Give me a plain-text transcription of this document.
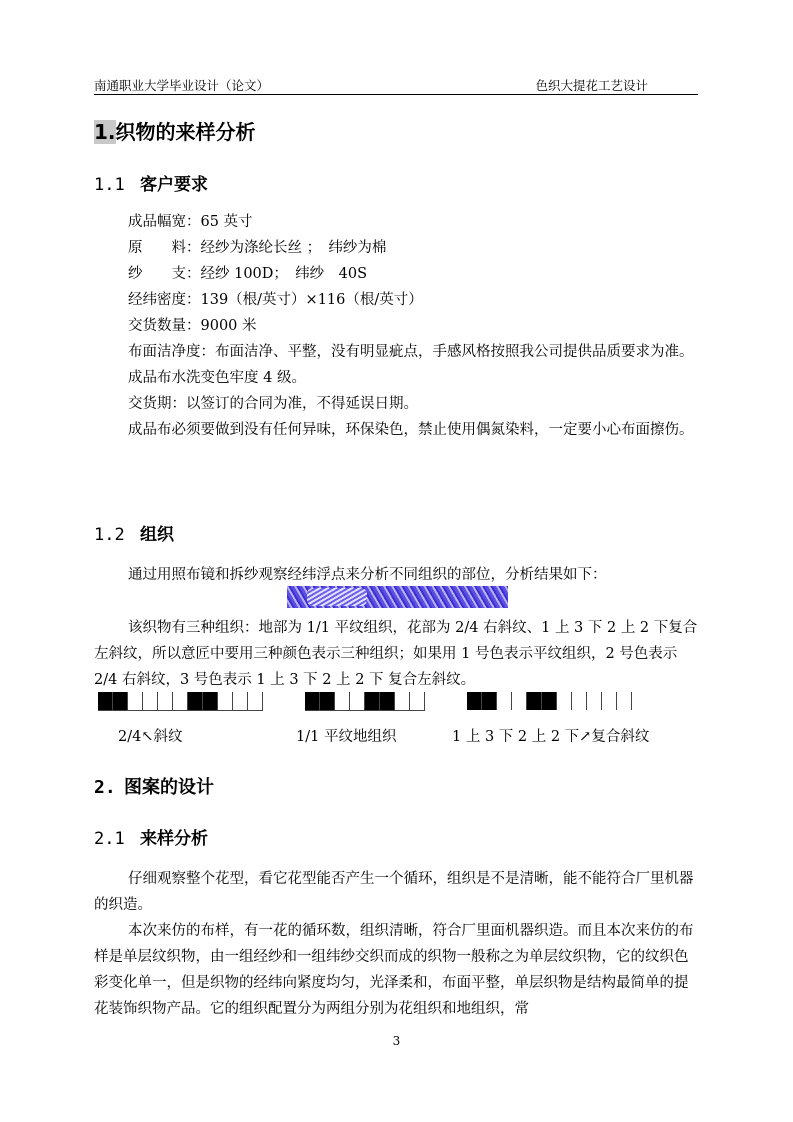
南通职业大学毕业设计（论文）	色织大提花工艺设计
1.织物的来样分析
1.1 客户要求
成品幅宽：65 英寸
原　　料：经纱为涤纶长丝 ；　纬纱为棉
纱　　支：经纱 100D；　纬纱　40S
经纬密度：139（根/英寸）×116（根/英寸）
交货数量：9000 米
布面洁净度：布面洁净、平整，没有明显疵点，手感风格按照我公司提供品质要求为准。
成品布水洗变色牢度 4 级。
交货期：以签订的合同为准，不得延误日期。
成品布必须要做到没有任何异味，环保染色，禁止使用偶氮染料，一定要小心布面擦伤。
1.2 组织
通过用照布镜和拆纱观察经纬浮点来分析不同组织的部位，分析结果如下：
该织物有三种组织：地部为 1/1 平纹组织，花部为 2/4 右斜纹、1 上 3 下 2 上 2 下复合左斜纹，所以意匠中要用三种颜色表示三种组织；如果用 1 号色表示平纹组织，2 号色表示 2/4 右斜纹，3 号色表示 1 上 3 下 2 上 2 下 复合左斜纹。
2/4↖斜纹	1/1 平纹地组织	1 上 3 下 2 上 2 下↗复合斜纹
2. 图案的设计
2.1 来样分析
仔细观察整个花型，看它花型能否产生一个循环，组织是不是清晰，能不能符合厂里机器的织造。
本次来仿的布样，有一花的循环数，组织清晰，符合厂里面机器织造。而且本次来仿的布样是单层纹织物，由一组经纱和一组纬纱交织而成的织物一般称之为单层纹织物，它的纹织色彩变化单一，但是织物的经纬向紧度均匀，光泽柔和，布面平整，单层织物是结构最简单的提花装饰织物产品。它的组织配置分为两组分别为花组织和地组织，常
3
